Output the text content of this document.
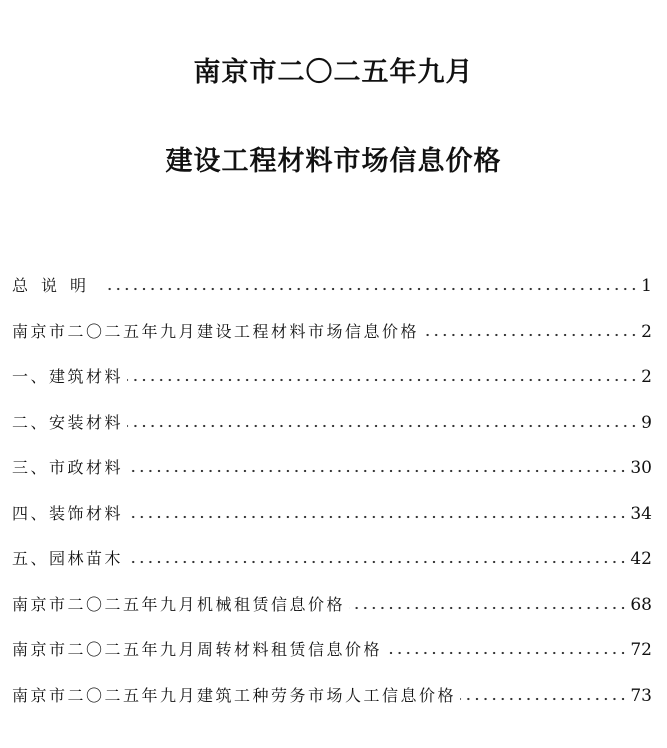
南京市二〇二五年九月
建设工程材料市场信息价格
总说明	1
南京市二〇二五年九月建设工程材料市场信息价格	2
一、建筑材料	2
二、安装材料	9
三、市政材料	30
四、装饰材料	34
五、园林苗木	42
南京市二〇二五年九月机械租赁信息价格	68
南京市二〇二五年九月周转材料租赁信息价格	72
南京市二〇二五年九月建筑工种劳务市场人工信息价格	73
